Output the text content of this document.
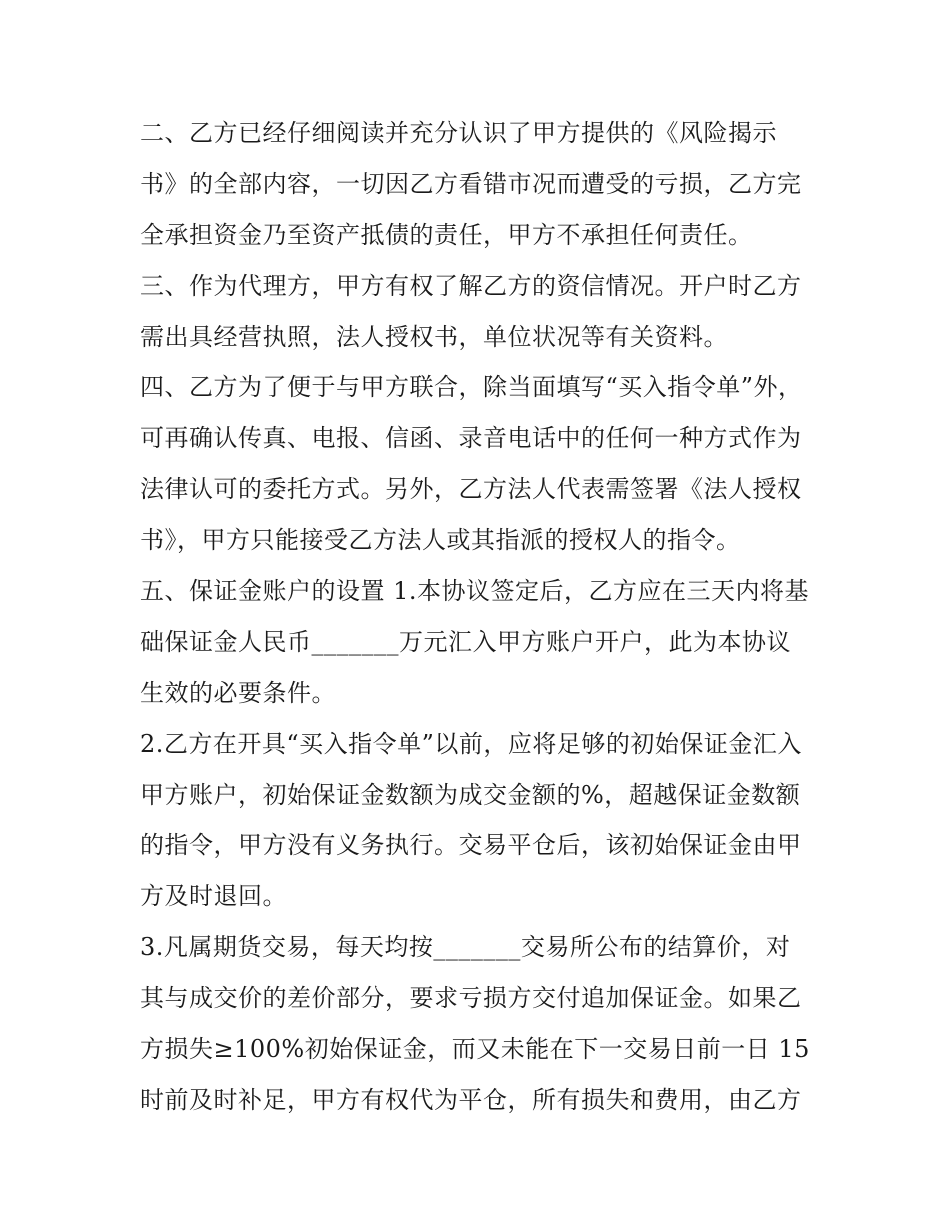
二、乙方已经仔细阅读并充分认识了甲方提供的《风险揭示
书》的全部内容，一切因乙方看错市况而遭受的亏损，乙方完
全承担资金乃至资产抵债的责任，甲方不承担任何责任。
三、作为代理方，甲方有权了解乙方的资信情况。开户时乙方
需出具经营执照，法人授权书，单位状况等有关资料。
四、乙方为了便于与甲方联合，除当面填写“买入指令单”外，
可再确认传真、电报、信函、录音电话中的任何一种方式作为
法律认可的委托方式。另外，乙方法人代表需签署《法人授权
书》，甲方只能接受乙方法人或其指派的授权人的指令。
五、保证金账户的设置 1.本协议签定后，乙方应在三天内将基
础保证金人民币_______万元汇入甲方账户开户，此为本协议
生效的必要条件。
2.乙方在开具“买入指令单”以前，应将足够的初始保证金汇入
甲方账户，初始保证金数额为成交金额的%，超越保证金数额
的指令，甲方没有义务执行。交易平仓后，该初始保证金由甲
方及时退回。
3.凡属期货交易，每天均按_______交易所公布的结算价，对
其与成交价的差价部分，要求亏损方交付追加保证金。如果乙
方损失≥100%初始保证金，而又未能在下一交易日前一日 15
时前及时补足，甲方有权代为平仓，所有损失和费用，由乙方
